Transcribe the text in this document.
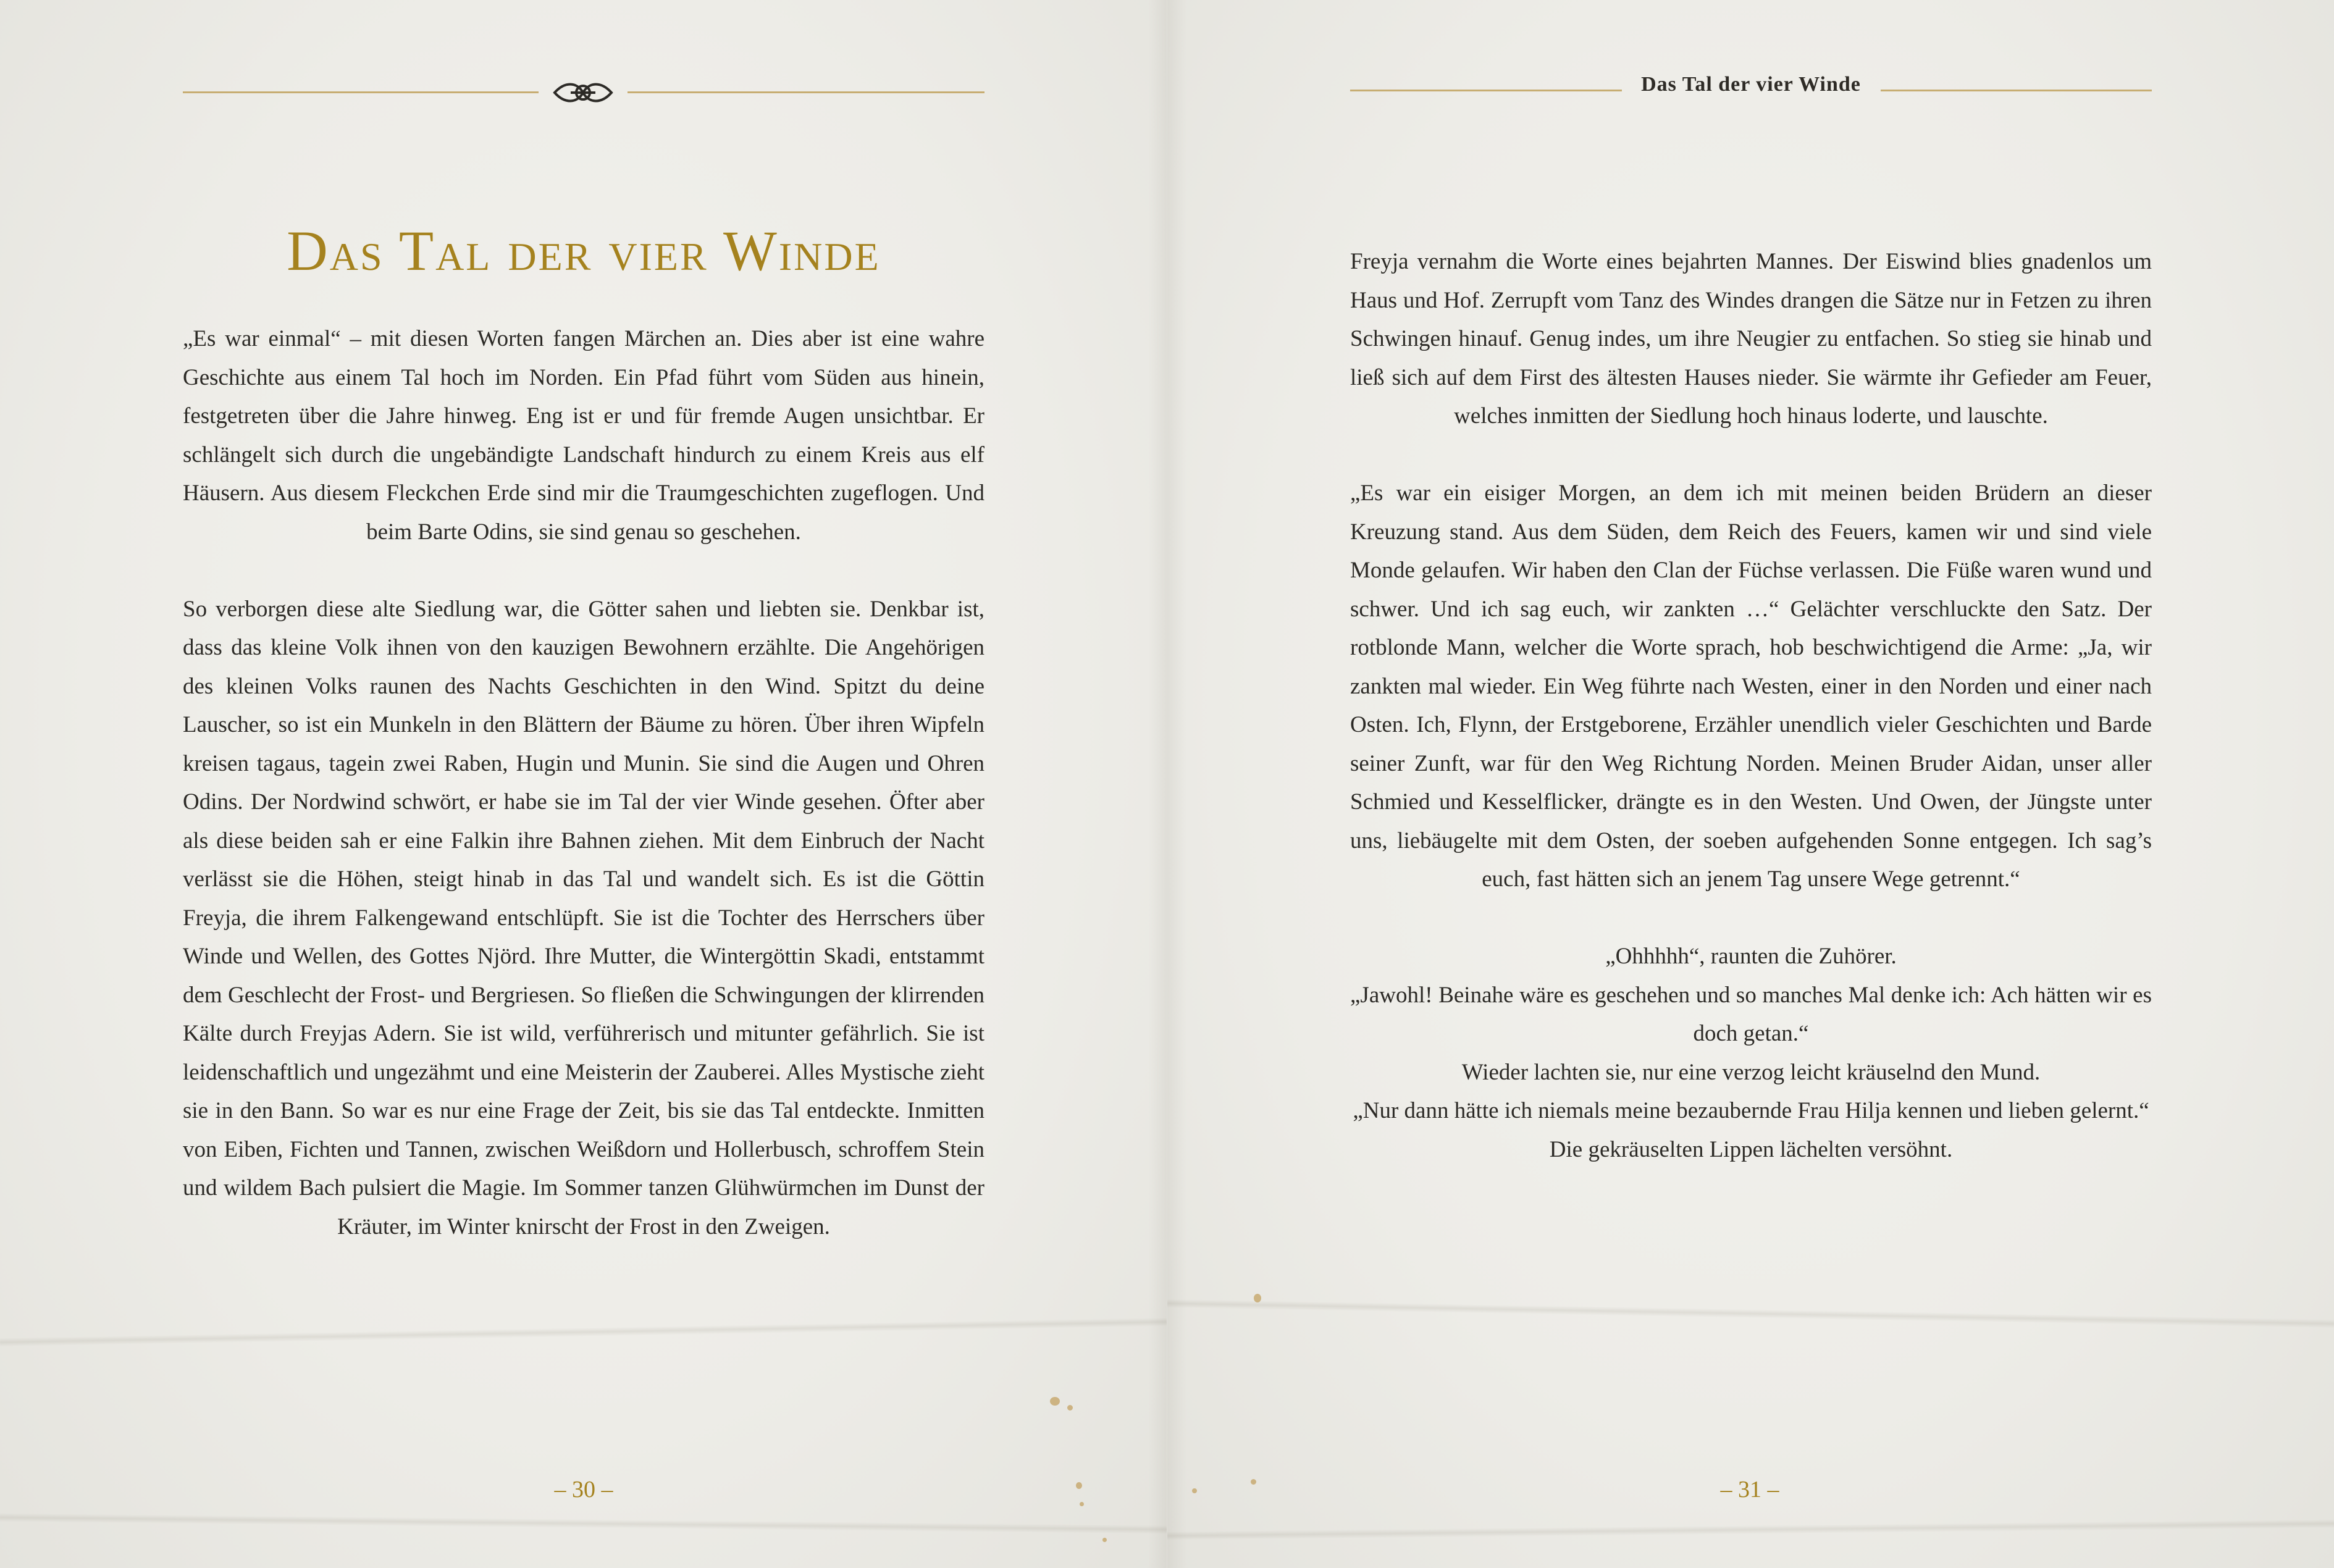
Das Tal der vier Winde
Das Tal der vier Winde

„Es war einmal“ – mit diesen Worten fangen Märchen an. Dies aber ist eine wahre Geschichte aus einem Tal hoch im Norden. Ein Pfad führt vom Süden aus hinein, festgetreten über die Jahre hinweg. Eng ist er und für fremde Augen unsichtbar. Er schlängelt sich durch die ungebändigte Landschaft hindurch zu einem Kreis aus elf Häusern. Aus diesem Fleckchen Erde sind mir die Traumgeschichten zugeflogen. Und beim Barte Odins, sie sind genau so geschehen.

So verborgen diese alte Siedlung war, die Götter sahen und liebten sie. Denkbar ist, dass das kleine Volk ihnen von den kauzigen Bewohnern erzählte. Die Angehörigen des kleinen Volks raunen des Nachts Geschichten in den Wind. Spitzt du deine Lauscher, so ist ein Munkeln in den Blättern der Bäume zu hören. Über ihren Wipfeln kreisen tagaus, tagein zwei Raben, Hugin und Munin. Sie sind die Augen und Ohren Odins. Der Nordwind schwört, er habe sie im Tal der vier Winde gesehen. Öfter aber als diese beiden sah er eine Falkin ihre Bahnen ziehen. Mit dem Einbruch der Nacht verlässt sie die Höhen, steigt hinab in das Tal und wandelt sich. Es ist die Göttin Freyja, die ihrem Falkengewand entschlüpft. Sie ist die Tochter des Herrschers über Winde und Wellen, des Gottes Njörd. Ihre Mutter, die Wintergöttin Skadi, entstammt dem Geschlecht der Frost- und Bergriesen. So fließen die Schwingungen der klirrenden Kälte durch Freyjas Adern. Sie ist wild, verführerisch und mitunter gefährlich. Sie ist leidenschaftlich und ungezähmt und eine Meisterin der Zauberei. Alles Mystische zieht sie in den Bann. So war es nur eine Frage der Zeit, bis sie das Tal entdeckte. Inmitten von Eiben, Fichten und Tannen, zwischen Weißdorn und Hollerbusch, schroffem Stein und wildem Bach pulsiert die Magie. Im Sommer tanzen Glühwürmchen im Dunst der Kräuter, im Winter knirscht der Frost in den Zweigen.

Freyja vernahm die Worte eines bejahrten Mannes. Der Eiswind blies gnadenlos um Haus und Hof. Zerrupft vom Tanz des Windes drangen die Sätze nur in Fetzen zu ihren Schwingen hinauf. Genug indes, um ihre Neugier zu entfachen. So stieg sie hinab und ließ sich auf dem First des ältesten Hauses nieder. Sie wärmte ihr Gefieder am Feuer, welches inmitten der Siedlung hoch hinaus loderte, und lauschte.

„Es war ein eisiger Morgen, an dem ich mit meinen beiden Brüdern an dieser Kreuzung stand. Aus dem Süden, dem Reich des Feuers, kamen wir und sind viele Monde gelaufen. Wir haben den Clan der Füchse verlassen. Die Füße waren wund und schwer. Und ich sag euch, wir zankten …“ Gelächter verschluckte den Satz. Der rotblonde Mann, welcher die Worte sprach, hob beschwichtigend die Arme: „Ja, wir zankten mal wieder. Ein Weg führte nach Westen, einer in den Norden und einer nach Osten. Ich, Flynn, der Erstgeborene, Erzähler unendlich vieler Geschichten und Barde seiner Zunft, war für den Weg Richtung Norden. Meinen Bruder Aidan, unser aller Schmied und Kesselflicker, drängte es in den Westen. Und Owen, der Jüngste unter uns, liebäugelte mit dem Osten, der soeben aufgehenden Sonne entgegen. Ich sag’s euch, fast hätten sich an jenem Tag unsere Wege getrennt.“

„Ohhhhh“, raunten die Zuhörer.

„Jawohl! Beinahe wäre es geschehen und so manches Mal denke ich: Ach hätten wir es doch getan.“

Wieder lachten sie, nur eine verzog leicht kräuselnd den Mund.

„Nur dann hätte ich niemals meine bezaubernde Frau Hilja kennen und lieben gelernt.“

Die gekräuselten Lippen lächelten versöhnt.

– 30 –	– 31 –
